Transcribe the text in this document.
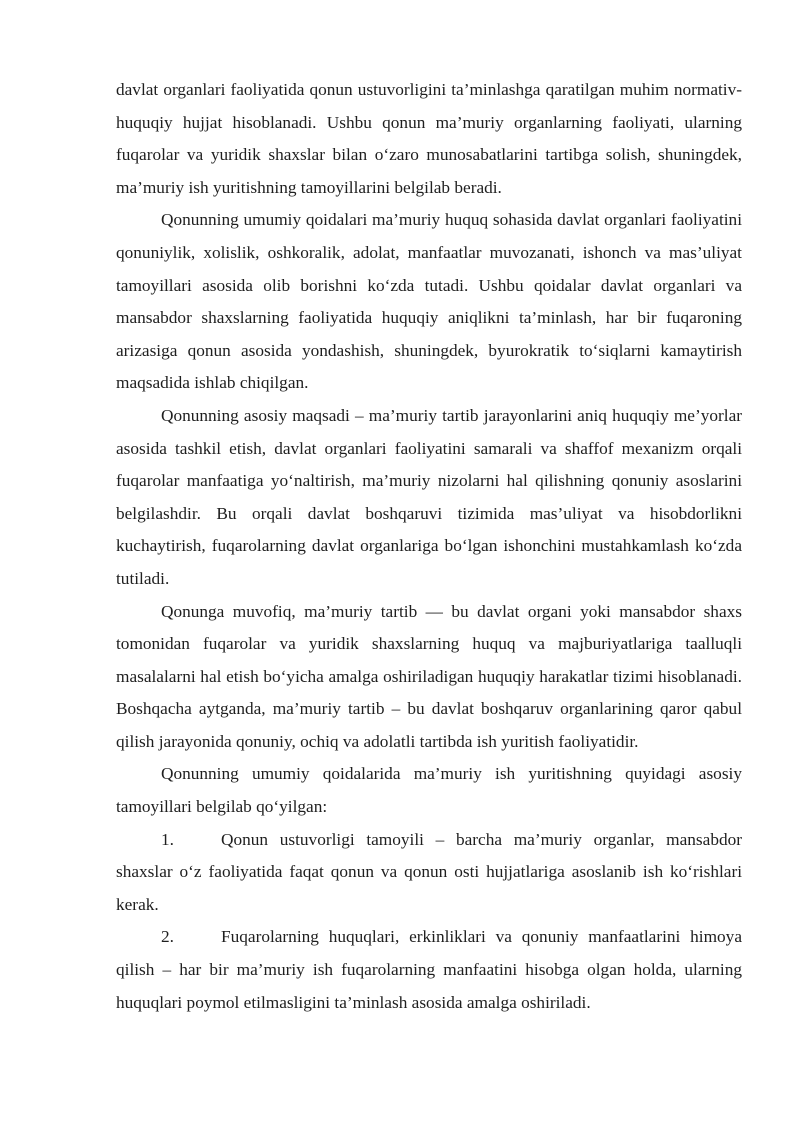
davlat organlari faoliyatida qonun ustuvorligini ta’minlashga qaratilgan muhim normativ-huquqiy hujjat hisoblanadi. Ushbu qonun ma’muriy organlarning faoliyati, ularning fuqarolar va yuridik shaxslar bilan o‘zaro munosabatlarini tartibga solish, shuningdek, ma’muriy ish yuritishning tamoyillarini belgilab beradi.

Qonunning umumiy qoidalari ma’muriy huquq sohasida davlat organlari faoliyatini qonuniylik, xolislik, oshkoralik, adolat, manfaatlar muvozanati, ishonch va mas’uliyat tamoyillari asosida olib borishni ko‘zda tutadi. Ushbu qoidalar davlat organlari va mansabdor shaxslarning faoliyatida huquqiy aniqlikni ta’minlash, har bir fuqaroning arizasiga qonun asosida yondashish, shuningdek, byurokratik to‘siqlarni kamaytirish maqsadida ishlab chiqilgan.

Qonunning asosiy maqsadi – ma’muriy tartib jarayonlarini aniq huquqiy me’yorlar asosida tashkil etish, davlat organlari faoliyatini samarali va shaffof mexanizm orqali fuqarolar manfaatiga yo‘naltirish, ma’muriy nizolarni hal qilishning qonuniy asoslarini belgilashdir. Bu orqali davlat boshqaruvi tizimida mas’uliyat va hisobdorlikni kuchaytirish, fuqarolarning davlat organlariga bo‘lgan ishonchini mustahkamlash ko‘zda tutiladi.

Qonunga muvofiq, ma’muriy tartib — bu davlat organi yoki mansabdor shaxs tomonidan fuqarolar va yuridik shaxslarning huquq va majburiyatlariga taalluqli masalalarni hal etish bo‘yicha amalga oshiriladigan huquqiy harakatlar tizimi hisoblanadi. Boshqacha aytganda, ma’muriy tartib – bu davlat boshqaruv organlarining qaror qabul qilish jarayonida qonuniy, ochiq va adolatli tartibda ish yuritish faoliyatidir.

Qonunning umumiy qoidalarida ma’muriy ish yuritishning quyidagi asosiy tamoyillari belgilab qo‘yilgan:

1.	Qonun ustuvorligi tamoyili – barcha ma’muriy organlar, mansabdor shaxslar o‘z faoliyatida faqat qonun va qonun osti hujjatlariga asoslanib ish ko‘rishlari kerak.

2.	Fuqarolarning huquqlari, erkinliklari va qonuniy manfaatlarini himoya qilish – har bir ma’muriy ish fuqarolarning manfaatini hisobga olgan holda, ularning huquqlari poymol etilmasligini ta’minlash asosida amalga oshiriladi.
